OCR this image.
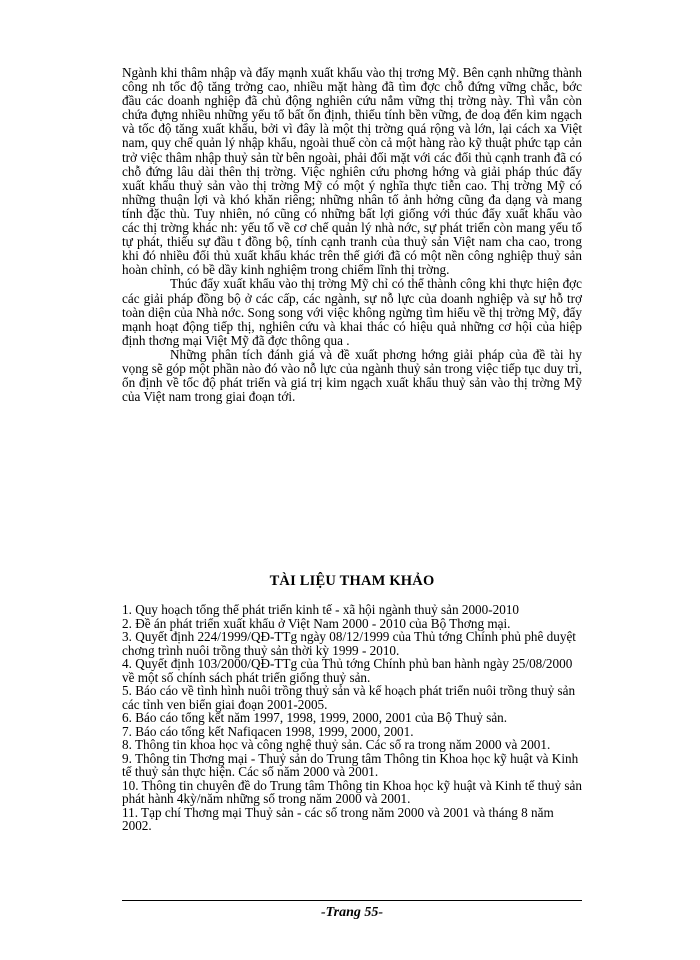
Ngành khi thâm nhập và đẩy mạnh xuất khẩu vào thị trơng Mỹ. Bên cạnh những thành công nh tốc độ tăng trởng cao, nhiều mặt hàng đã tìm đợc chỗ đứng vững chắc, bớc đầu các doanh nghiệp đã chủ động nghiên cứu nắm vững thị trờng này. Thì vẫn còn chứa đựng nhiều những yếu tố bất ổn định, thiếu tính bền vững, đe doạ đến kim ngạch và tốc độ tăng xuất khẩu, bởi vì đây là một thị trờng quá rộng và lớn, lại cách xa Việt nam, quy chế quản lý nhập khẩu, ngoài thuế còn cả một hàng rào kỹ thuật phức tạp cản trở việc thâm nhập thuỷ sản từ bên ngoài, phải đối mặt với các đối thủ cạnh tranh đã có chỗ đứng lâu dài thên thị trờng. Việc nghiên cứu phơng hớng và giải pháp thúc đẩy xuất khẩu thuỷ sản vào thị trờng Mỹ có một ý nghĩa thực tiễn cao. Thị trờng Mỹ có những thuận lợi và khó khăn riêng; những nhân tố ảnh hởng cũng đa dạng và mang tính đặc thù. Tuy nhiên, nó cũng có những bất lợi giống với thúc đẩy xuất khẩu vào các thị trờng khác nh: yếu tố về cơ chế quản lý nhà nớc, sự phát triển còn mang yếu tố tự phát, thiếu sự đầu t đồng bộ, tính cạnh tranh của thuỷ sản Việt nam cha cao, trong khi đó nhiều đối thủ xuất khẩu khác trên thế giới đã có một nền công nghiệp thuỷ sản hoàn chỉnh, có bề dầy kinh nghiệm trong chiếm lĩnh thị trờng.

Thúc đẩy xuất khẩu vào thị trờng Mỹ chỉ có thể thành công khi thực hiện đợc các giải pháp đồng bộ ở các cấp, các ngành, sự nỗ lực của doanh nghiệp và sự hỗ trợ toàn diện của Nhà nớc. Song song với việc không ngừng tìm hiểu về thị trờng Mỹ, đẩy mạnh hoạt động tiếp thị, nghiên cứu và khai thác có hiệu quả những cơ hội của hiệp định thơng mại Việt Mỹ đã đợc thông qua .

Những phân tích đánh giá và đề xuất phơng hớng giải pháp của đề tài hy vọng sẽ góp một phần nào đó vào nỗ lực của ngành thuỷ sản trong việc tiếp tục duy trì, ổn định về tốc độ phát triển và giá trị kim ngạch xuất khẩu thuỷ sản vào thị trờng Mỹ của Việt nam trong giai đoạn tới.

TÀI LIỆU THAM KHẢO

1. Quy hoạch tổng thể phát triển kinh tế - xã hội ngành thuỷ sản 2000-2010

2. Đề án phát triển xuất khẩu ở Việt Nam 2000 - 2010 của Bộ Thơng mại.

3. Quyết định 224/1999/QĐ-TTg ngày 08/12/1999 của Thủ tớng Chính phủ phê duyệt chơng trình nuôi trồng thuỷ sản thời kỳ 1999 - 2010.

4. Quyết định 103/2000/QĐ-TTg của Thủ tớng Chính phủ ban hành ngày 25/08/2000 về một số chính sách phát triển giống thuỷ sản.

5. Báo cáo về tình hình nuôi trồng thuỷ sản và kế hoạch phát triển nuôi trồng thuỷ sản các tỉnh ven biển giai đoạn 2001-2005.

6. Báo cáo tổng kết năm 1997, 1998, 1999, 2000, 2001 của Bộ Thuỷ sản.

7. Báo cáo tổng kết Nafiqacen 1998, 1999, 2000, 2001.

8. Thông tin khoa học và công nghệ thuỷ sản. Các số ra trong năm 2000 và 2001.

9. Thông tin Thơng mại - Thuỷ sản do Trung tâm Thông tin Khoa học kỹ huật và Kinh tế thuỷ sản thực hiện. Các số năm 2000 và 2001.

10. Thông tin chuyên đề do Trung tâm Thông tin Khoa học kỹ huật và Kinh tế thuỷ sản phát hành 4kỳ/năm những số trong năm 2000 và 2001.

11. Tạp chí Thơng mại Thuỷ sản - các số trong năm 2000 và 2001 và tháng 8 năm 2002.

-Trang 55-
